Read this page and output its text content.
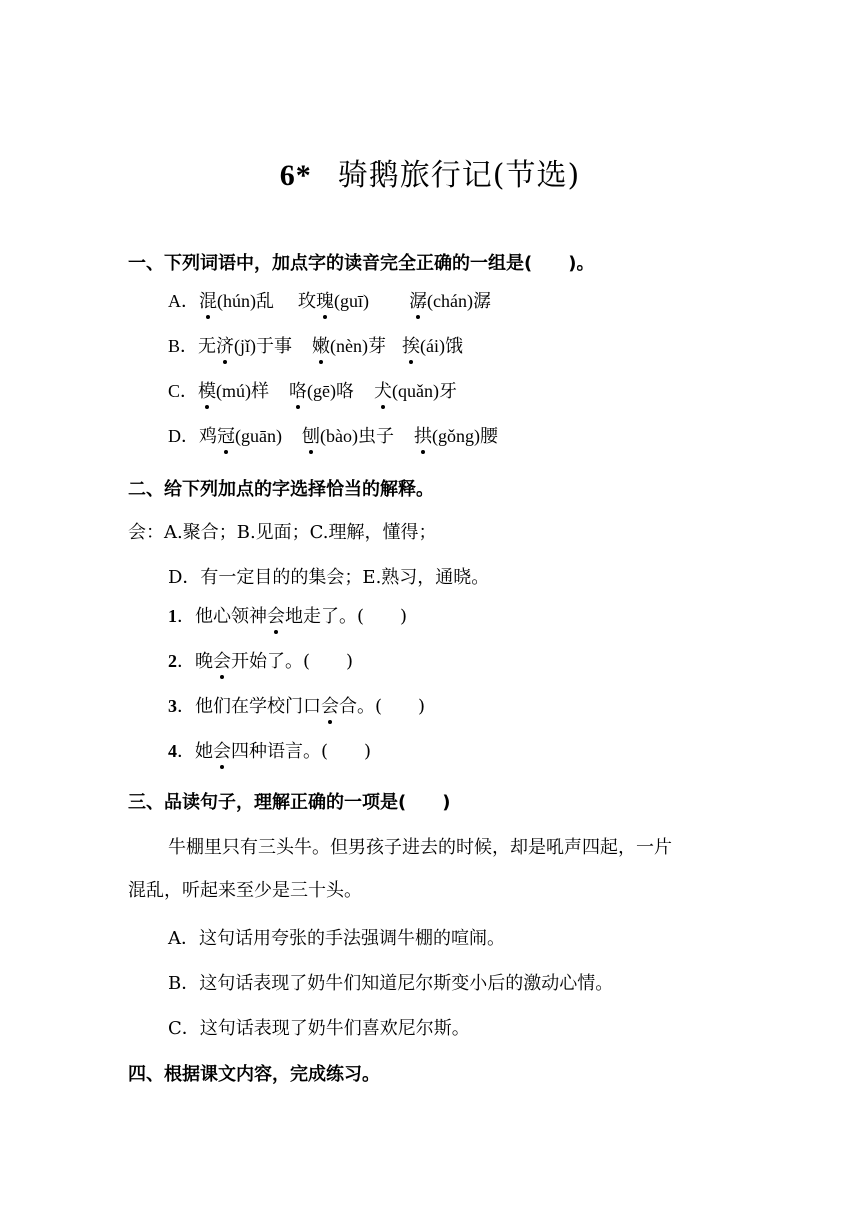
6* 骑鹅旅行记(节选)
一、下列词语中，加点字的读音完全正确的一组是(　　)。
A．混(hún)乱 玫瑰(guī) 潺(chán)潺
B．无济(jǐ)于事 嫩(nèn)芽 挨(ái)饿
C．模(mú)样 咯(gē)咯 犬(quǎn)牙
D．鸡冠(guān) 刨(bào)虫子 拱(gǒng)腰
二、给下列加点的字选择恰当的解释。
会：A.聚合；B.见面；C.理解，懂得；
D．有一定目的的集会；E.熟习，通晓。
1．他心领神会地走了。(　　)
2．晚会开始了。(　　)
3．他们在学校门口会合。(　　)
4．她会四种语言。(　　)
三、品读句子，理解正确的一项是(　　)
牛棚里只有三头牛。但男孩子进去的时候，却是吼声四起，一片
混乱，听起来至少是三十头。
A．这句话用夸张的手法强调牛棚的喧闹。
B．这句话表现了奶牛们知道尼尔斯变小后的激动心情。
C．这句话表现了奶牛们喜欢尼尔斯。
四、根据课文内容，完成练习。
